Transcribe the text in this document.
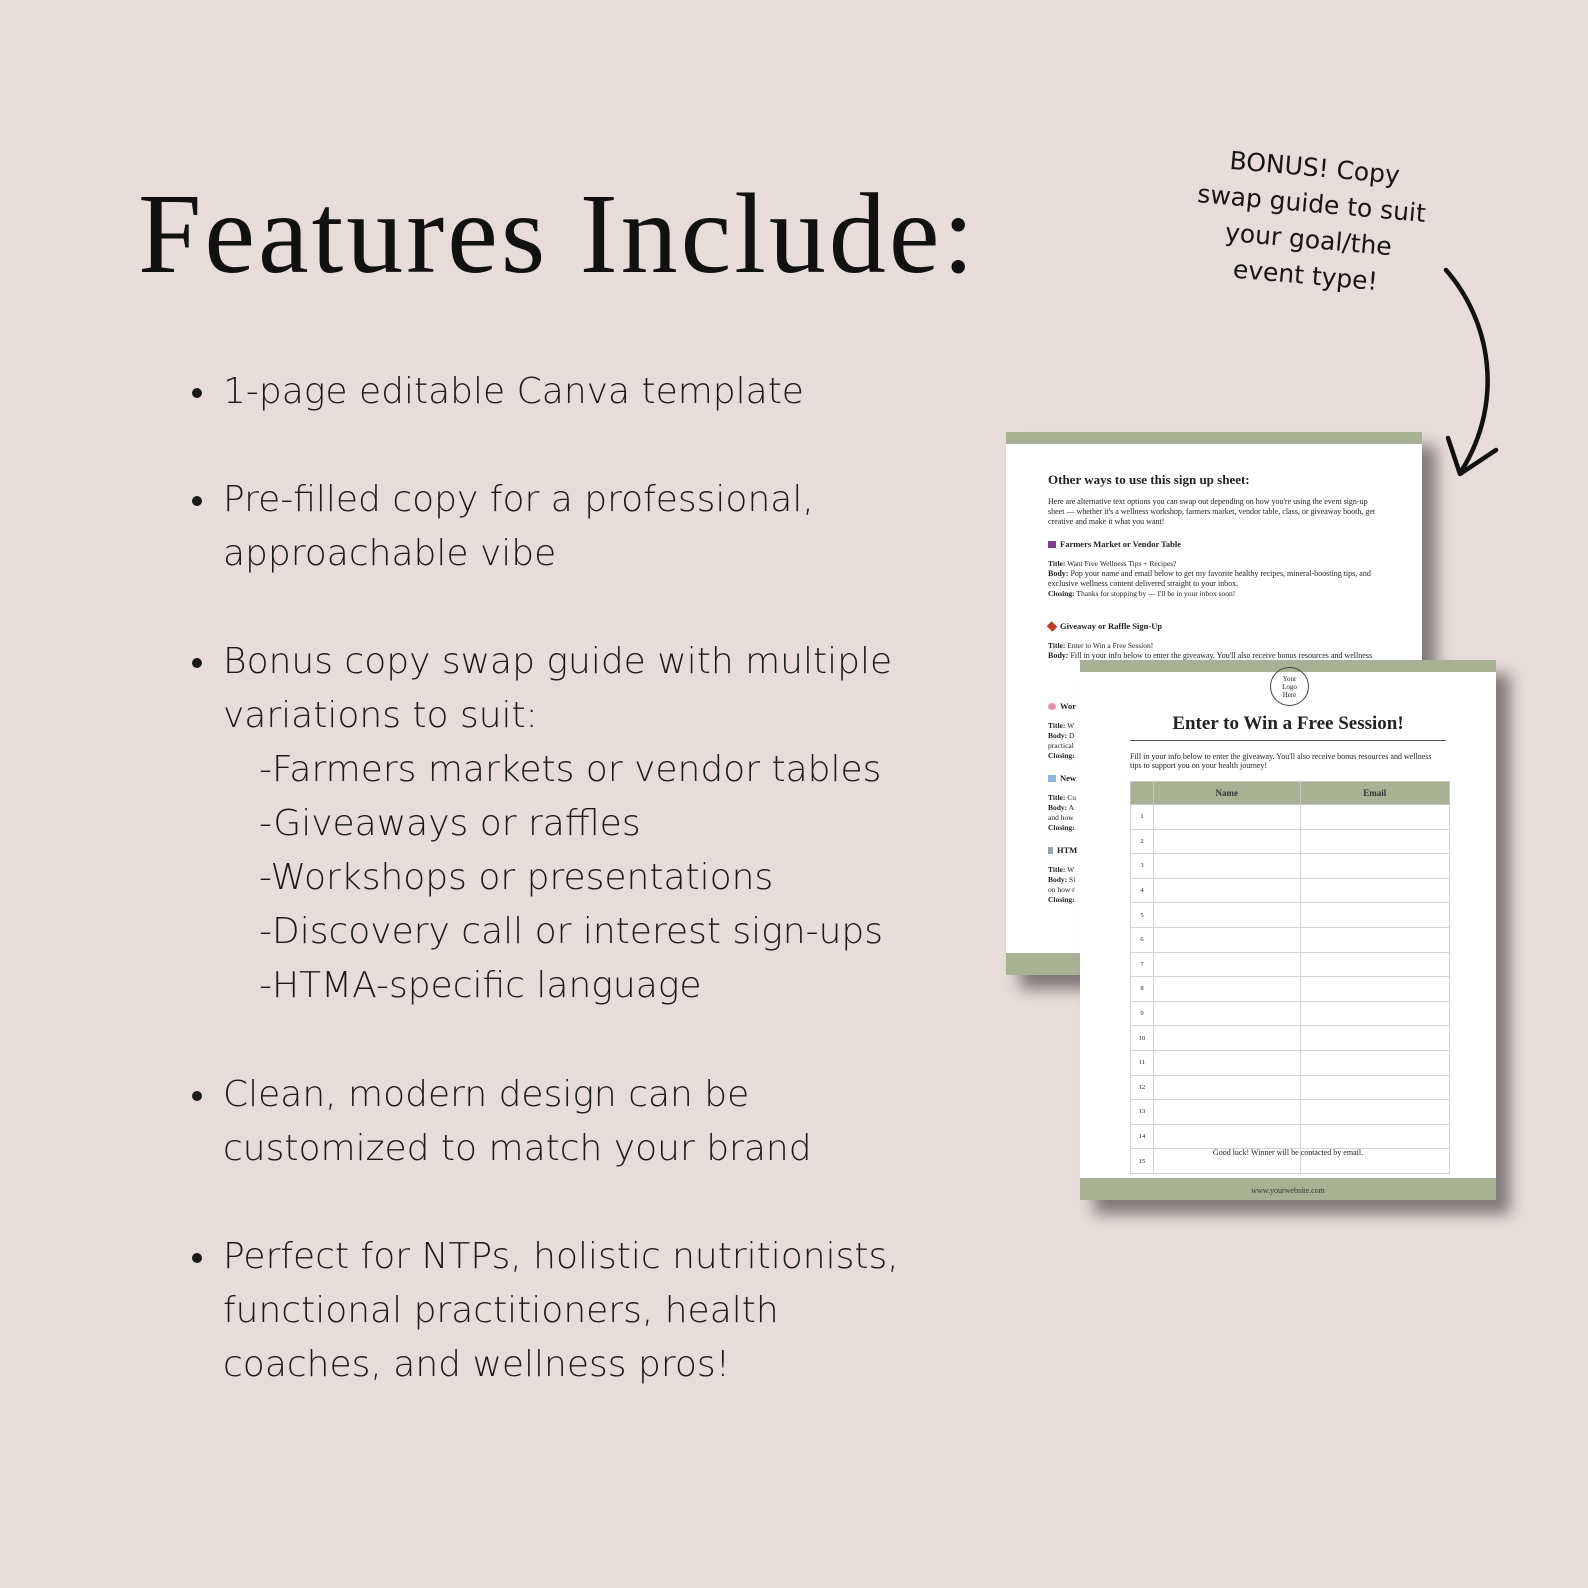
Features Include:
1-page editable Canva template
Pre-filled copy for a professional,
approachable vibe
Bonus copy swap guide with multiple
variations to suit:
-Farmers markets or vendor tables
-Giveaways or raffles
-Workshops or presentations
-Discovery call or interest sign-ups
-HTMA-specific language
Clean, modern design can be
customized to match your brand
Perfect for NTPs, holistic nutritionists,
functional practitioners, health
coaches, and wellness pros!
BONUS! Copy
swap guide to suit
your goal/the
event type!
Other ways to use this sign up sheet:

Here are alternative text options you can swap out depending on how you're using the event sign-up sheet — whether it's a wellness workshop, farmers market, vendor table, class, or giveaway booth, get creative and make it what you want!

Farmers Market or Vendor Table
Title: Want Free Wellness Tips + Recipes?

Body: Pop your name and email below to get my favorite healthy recipes, mineral-boosting tips, and exclusive wellness content delivered straight to your inbox.

Closing: Thanks for stopping by — I'll be in your inbox soon!
Giveaway or Raffle Sign-Up
Title: Enter to Win a Free Session!

Body: Fill in your info below to enter the giveaway. You'll also receive bonus resources and wellness

Wor
Title: W
Body: D
practical
Closing:
New
Title: Cu
Body: A
and how
Closing:
HTM
Title: W
Body: Si
on how r
Closing:
Your
Logo
Here
Enter to Win a Free Session!

Fill in your info below to enter the giveaway. You'll also receive bonus resources and wellness tips to support you on your health journey!

	Name	Email
1		
2		
3		
4		
5		
6		
7		
8		
9		
10		
11		
12		
13		
14		
15		

Good luck! Winner will be contacted by email.

www.yourwebsite.com
